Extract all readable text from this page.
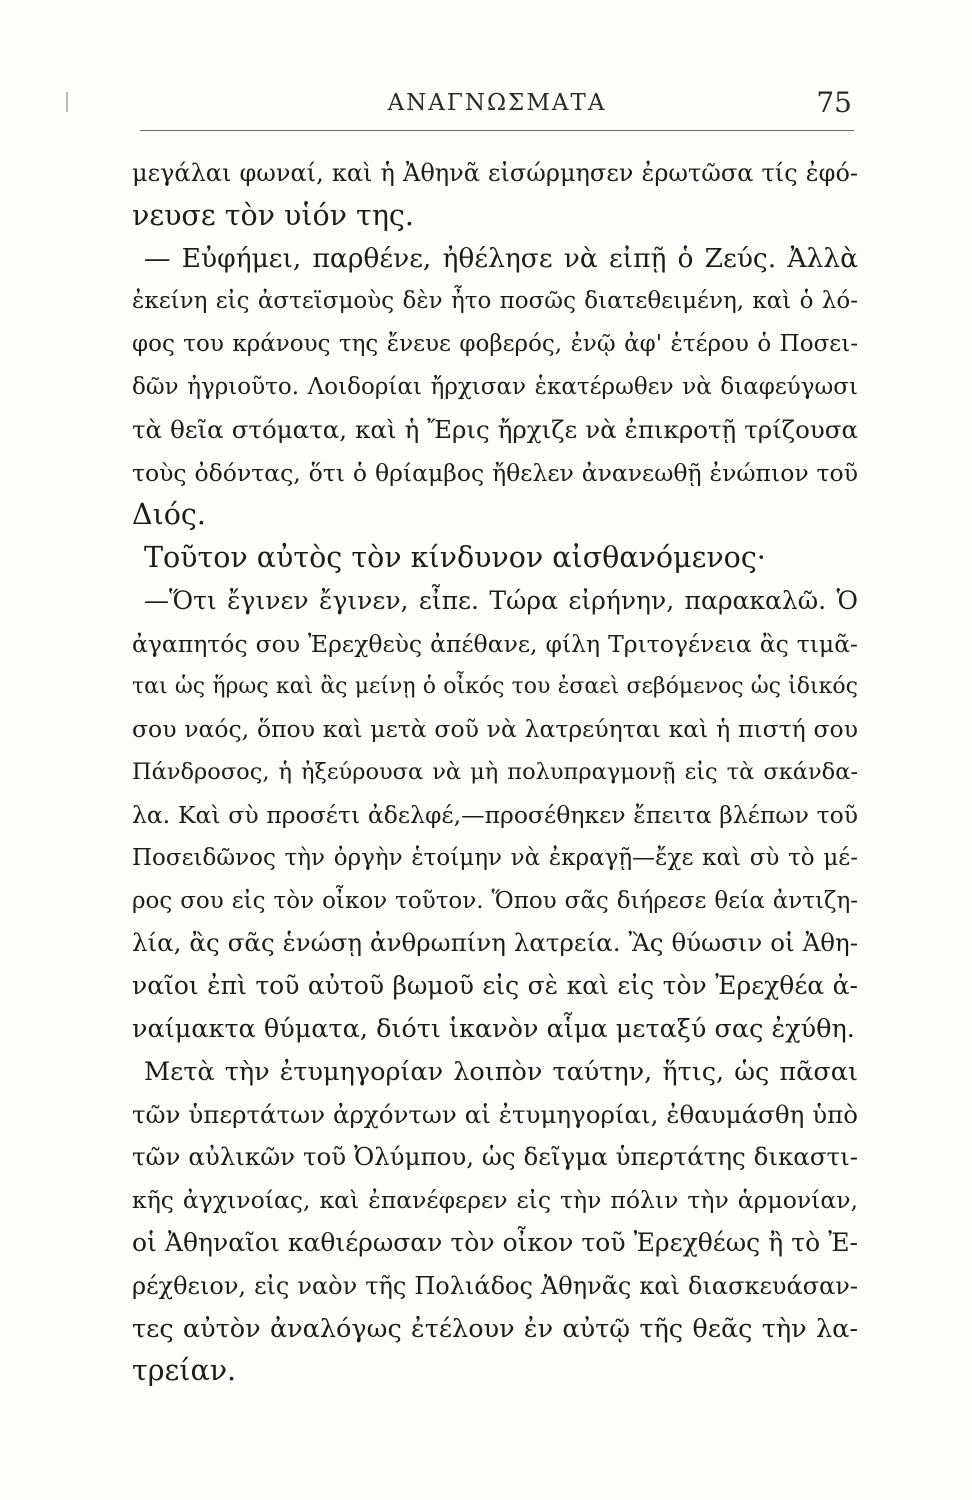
ΑΝΑΓΝΩΣΜΑΤΑ	75
μεγάλαι φωναί, καὶ ἡ Ἀθηνᾶ εἰσώρμησεν ἐρωτῶσα τίς ἐφό-
νευσε τὸν υἱόν της.
— Εὐφήμει, παρθένε, ἠθέλησε νὰ εἰπῇ ὁ Ζεύς. Ἀλλὰ
ἐκείνη εἰς ἀστεϊσμοὺς δὲν ἦτο ποσῶς διατεθειμένη, καὶ ὁ λό-
φος του κράνους της ἔνευε φοβερός, ἐνῷ ἀφ' ἑτέρου ὁ Ποσει-
δῶν ἠγριοῦτο. Λοιδορίαι ἤρχισαν ἑκατέρωθεν νὰ διαφεύγωσι
τὰ θεῖα στόματα, καὶ ἡ Ἔρις ἤρχιζε νὰ ἐπικροτῇ τρίζουσα
τοὺς ὀδόντας, ὅτι ὁ θρίαμβος ἤθελεν ἀνανεωθῇ ἐνώπιον τοῦ
Διός.
Τοῦτον αὐτὸς τὸν κίνδυνον αἰσθανόμενος·
—Ὅτι ἔγινεν ἔγινεν, εἶπε. Τώρα εἰρήνην, παρακαλῶ. Ὁ
ἀγαπητός σου Ἐρεχθεὺς ἀπέθανε, φίλη Τριτογένεια ἂς τιμᾶ-
ται ὡς ἥρως καὶ ἂς μείνῃ ὁ οἶκός του ἐσαεὶ σεβόμενος ὡς ἰδικός
σου ναός, ὅπου καὶ μετὰ σοῦ νὰ λατρεύηται καὶ ἡ πιστή σου
Πάνδροσος, ἡ ἠξεύρουσα νὰ μὴ πολυπραγμονῇ εἰς τὰ σκάνδα-
λα. Καὶ σὺ προσέτι ἀδελφέ,—προσέθηκεν ἔπειτα βλέπων τοῦ
Ποσειδῶνος τὴν ὀργὴν ἑτοίμην νὰ ἐκραγῇ—ἔχε καὶ σὺ τὸ μέ-
ρος σου εἰς τὸν οἶκον τοῦτον. Ὅπου σᾶς διήρεσε θεία ἀντιζη-
λία, ἂς σᾶς ἑνώσῃ ἀνθρωπίνη λατρεία. Ἂς θύωσιν οἱ Ἀθη-
ναῖοι ἐπὶ τοῦ αὐτοῦ βωμοῦ εἰς σὲ καὶ εἰς τὸν Ἐρεχθέα ἀ-
ναίμακτα θύματα, διότι ἱκανὸν αἷμα μεταξύ σας ἐχύθη.
Μετὰ τὴν ἐτυμηγορίαν λοιπὸν ταύτην, ἥτις, ὡς πᾶσαι
τῶν ὑπερτάτων ἀρχόντων αἱ ἐτυμηγορίαι, ἐθαυμάσθη ὑπὸ
τῶν αὐλικῶν τοῦ Ὀλύμπου, ὡς δεῖγμα ὑπερτάτης δικαστι-
κῆς ἀγχινοίας, καὶ ἐπανέφερεν εἰς τὴν πόλιν τὴν ἁρμονίαν,
οἱ Ἀθηναῖοι καθιέρωσαν τὸν οἶκον τοῦ Ἐρεχθέως ἢ τὸ Ἐ-
ρέχθειον, εἰς ναὸν τῆς Πολιάδος Ἀθηνᾶς καὶ διασκευάσαν-
τες αὐτὸν ἀναλόγως ἐτέλουν ἐν αὐτῷ τῆς θεᾶς τὴν λα-
τρείαν.
